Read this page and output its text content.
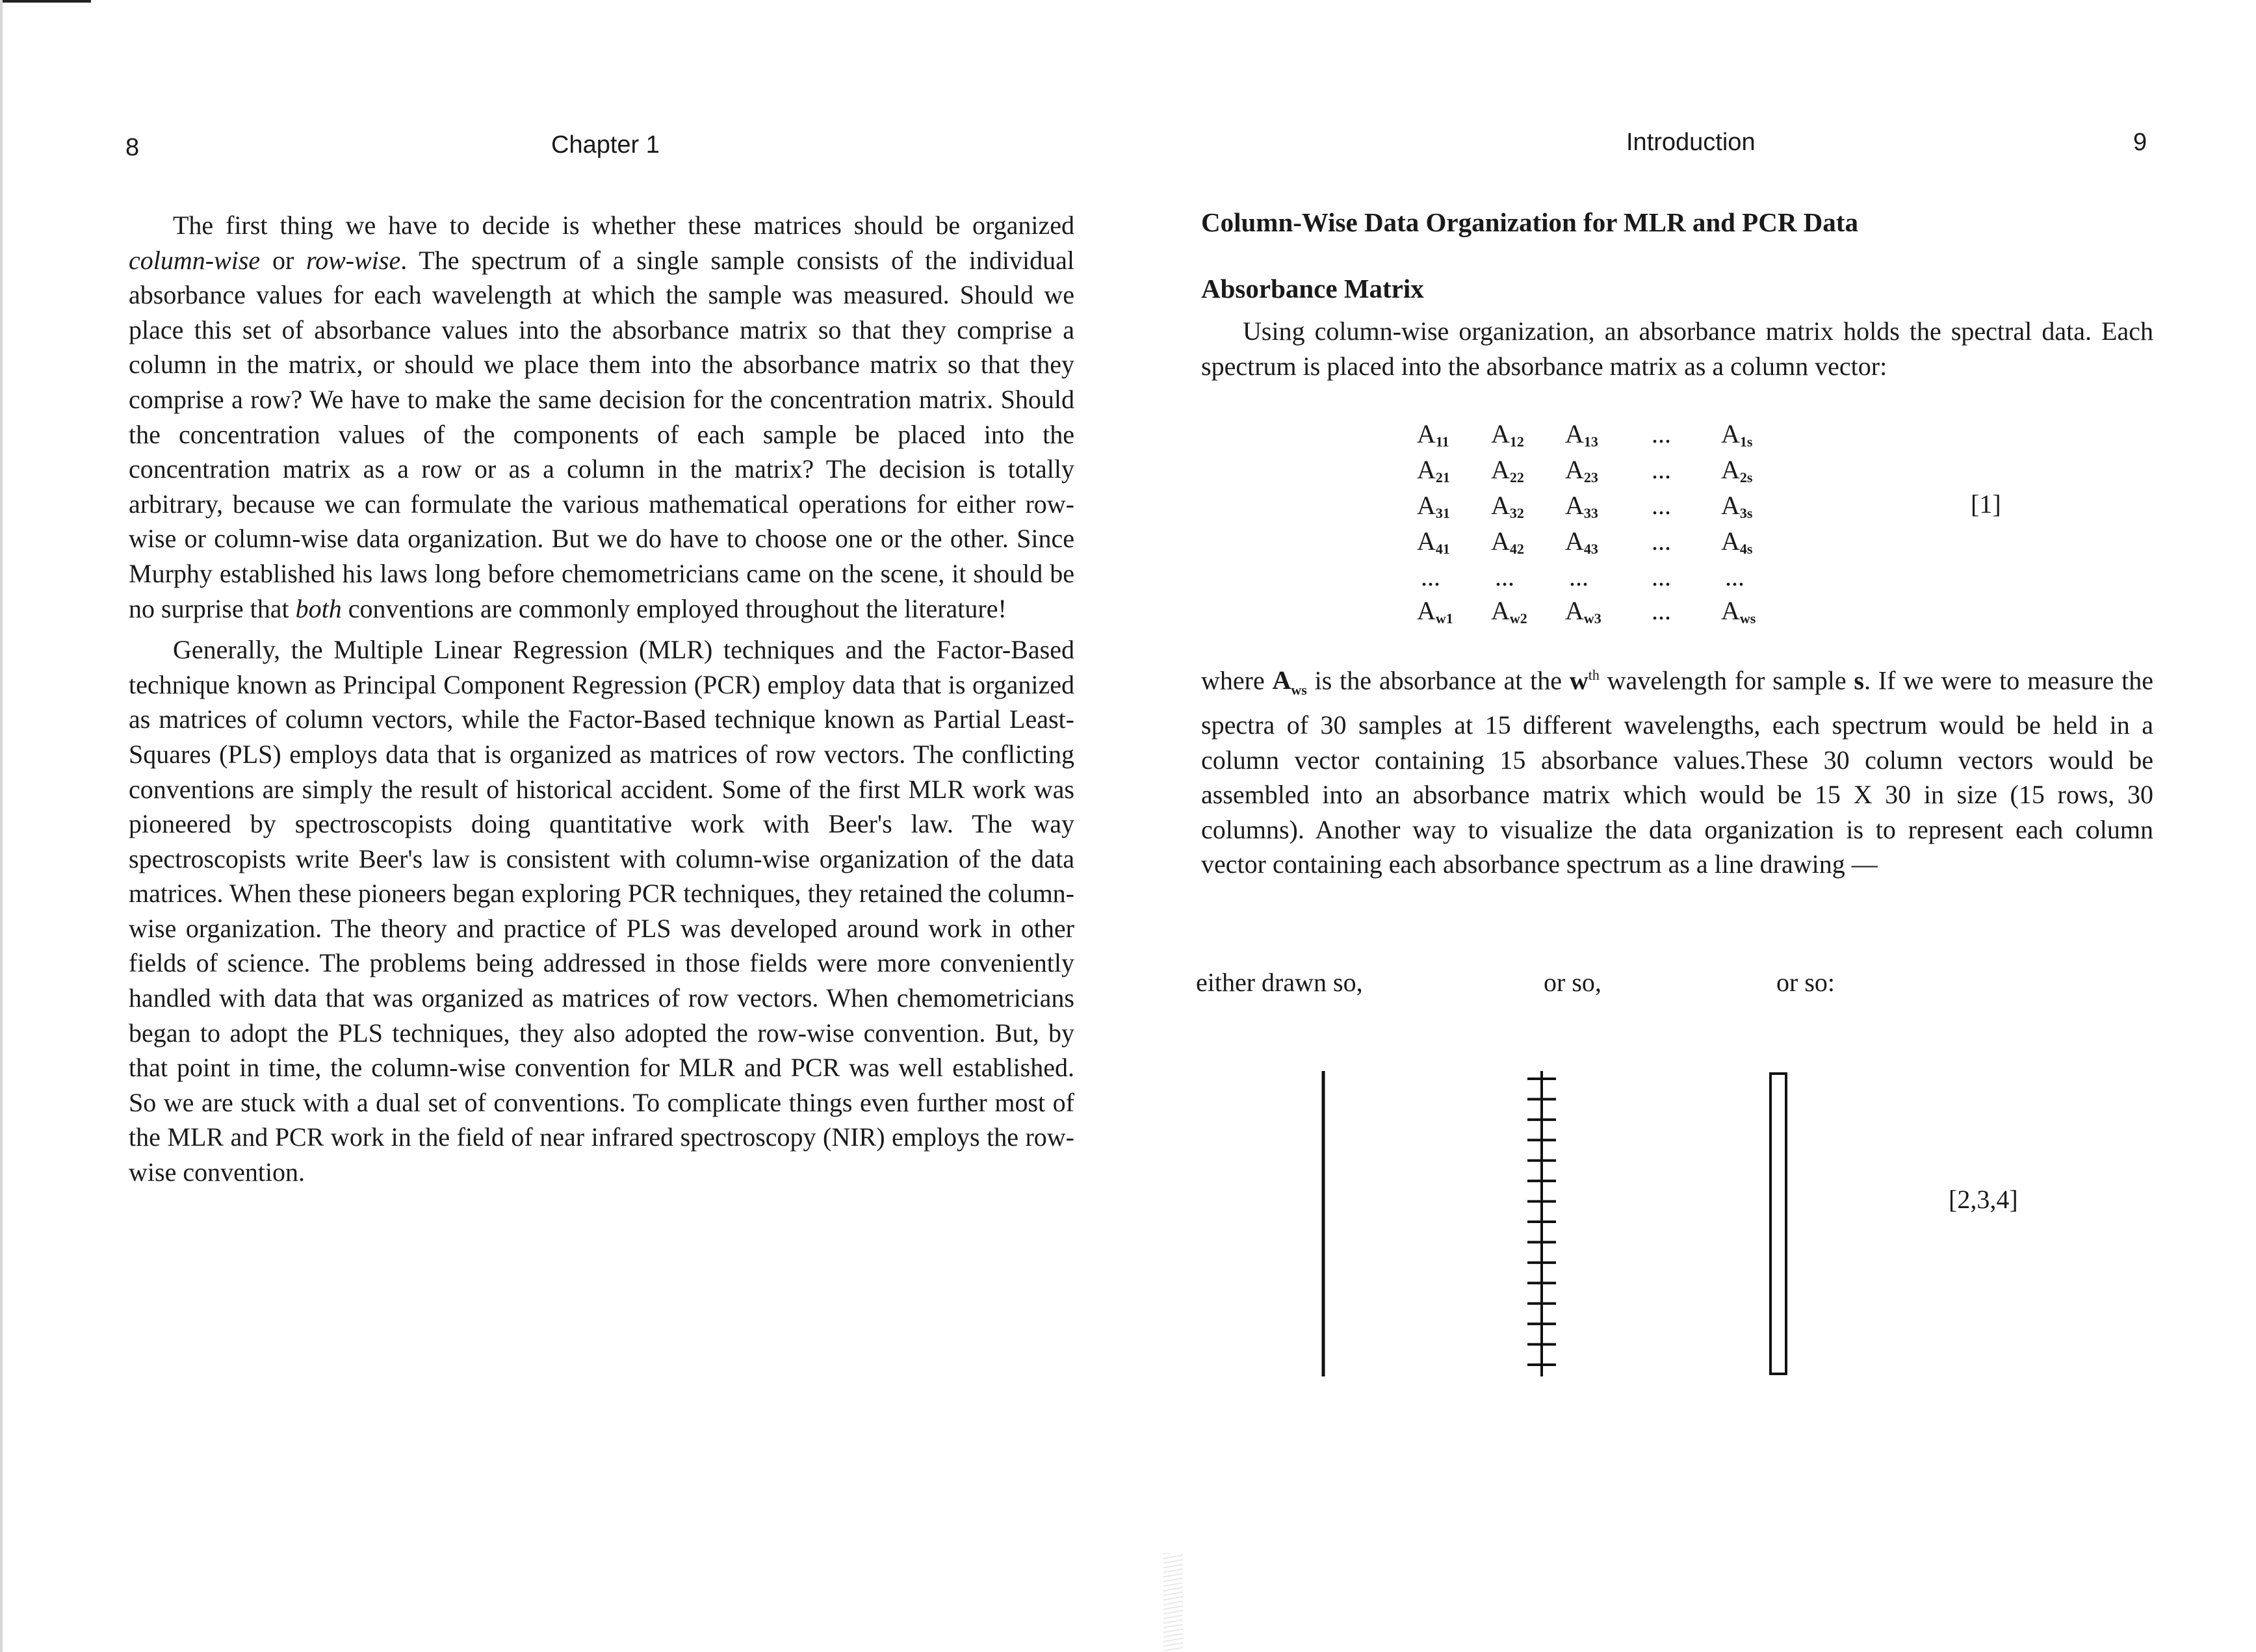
8	Chapter 1

The first thing we have to decide is whether these matrices should be organized column-wise or row-wise. The spectrum of a single sample consists of the individual absorbance values for each wavelength at which the sample was measured. Should we place this set of absorbance values into the absorbance matrix so that they comprise a column in the matrix, or should we place them into the absorbance matrix so that they comprise a row? We have to make the same decision for the concentration matrix. Should the concentration values of the components of each sample be placed into the concentration matrix as a row or as a column in the matrix? The decision is totally arbitrary, because we can formulate the various mathematical operations for either row-wise or column-wise data organization. But we do have to choose one or the other. Since Murphy established his laws long before chemometricians came on the scene, it should be no surprise that both conventions are commonly employed throughout the literature!

Generally, the Multiple Linear Regression (MLR) techniques and the Factor-Based technique known as Principal Component Regression (PCR) employ data that is organized as matrices of column vectors, while the Factor-Based technique known as Partial Least-Squares (PLS) employs data that is organized as matrices of row vectors. The conflicting conventions are simply the result of historical accident. Some of the first MLR work was pioneered by spectroscopists doing quantitative work with Beer's law. The way spectroscopists write Beer's law is consistent with column-wise organization of the data matrices. When these pioneers began exploring PCR techniques, they retained the column-wise organization. The theory and practice of PLS was developed around work in other fields of science. The problems being addressed in those fields were more conveniently handled with data that was organized as matrices of row vectors. When chemometricians began to adopt the PLS techniques, they also adopted the row-wise convention. But, by that point in time, the column-wise convention for MLR and PCR was well established. So we are stuck with a dual set of conventions. To complicate things even further most of the MLR and PCR work in the field of near infrared spectroscopy (NIR) employs the row-wise convention.

Introduction	9
Column-Wise Data Organization for MLR and PCR Data
Absorbance Matrix

Using column-wise organization, an absorbance matrix holds the spectral data. Each spectrum is placed into the absorbance matrix as a column vector:

where $A_{ws}$ is the absorbance at the $w^{th}$ wavelength for sample s. If we were to measure the spectra of 30 samples at 15 different wavelengths, each spectrum would be held in a column vector containing 15 absorbance values.These 30 column vectors would be assembled into an absorbance matrix which would be 15 X 30 in size (15 rows, 30 columns). Another way to visualize the data organization is to represent each column vector containing each absorbance spectrum as a line drawing —

$A_{11}$ $A_{12}$ $A_{13}$ ... $A_{1s}$
$A_{21}$ $A_{22}$ $A_{23}$ ... $A_{2s}$
$A_{31}$ $A_{32}$ $A_{33}$ ... $A_{3s}$
$A_{41}$ $A_{42}$ $A_{43}$ ... $A_{4s}$
... ... ... ... ...
$A_{w1}$ $A_{w2}$ $A_{w3}$ ... $A_{ws}$
[1]
either drawn so,	or so,	or so:
[2,3,4]
